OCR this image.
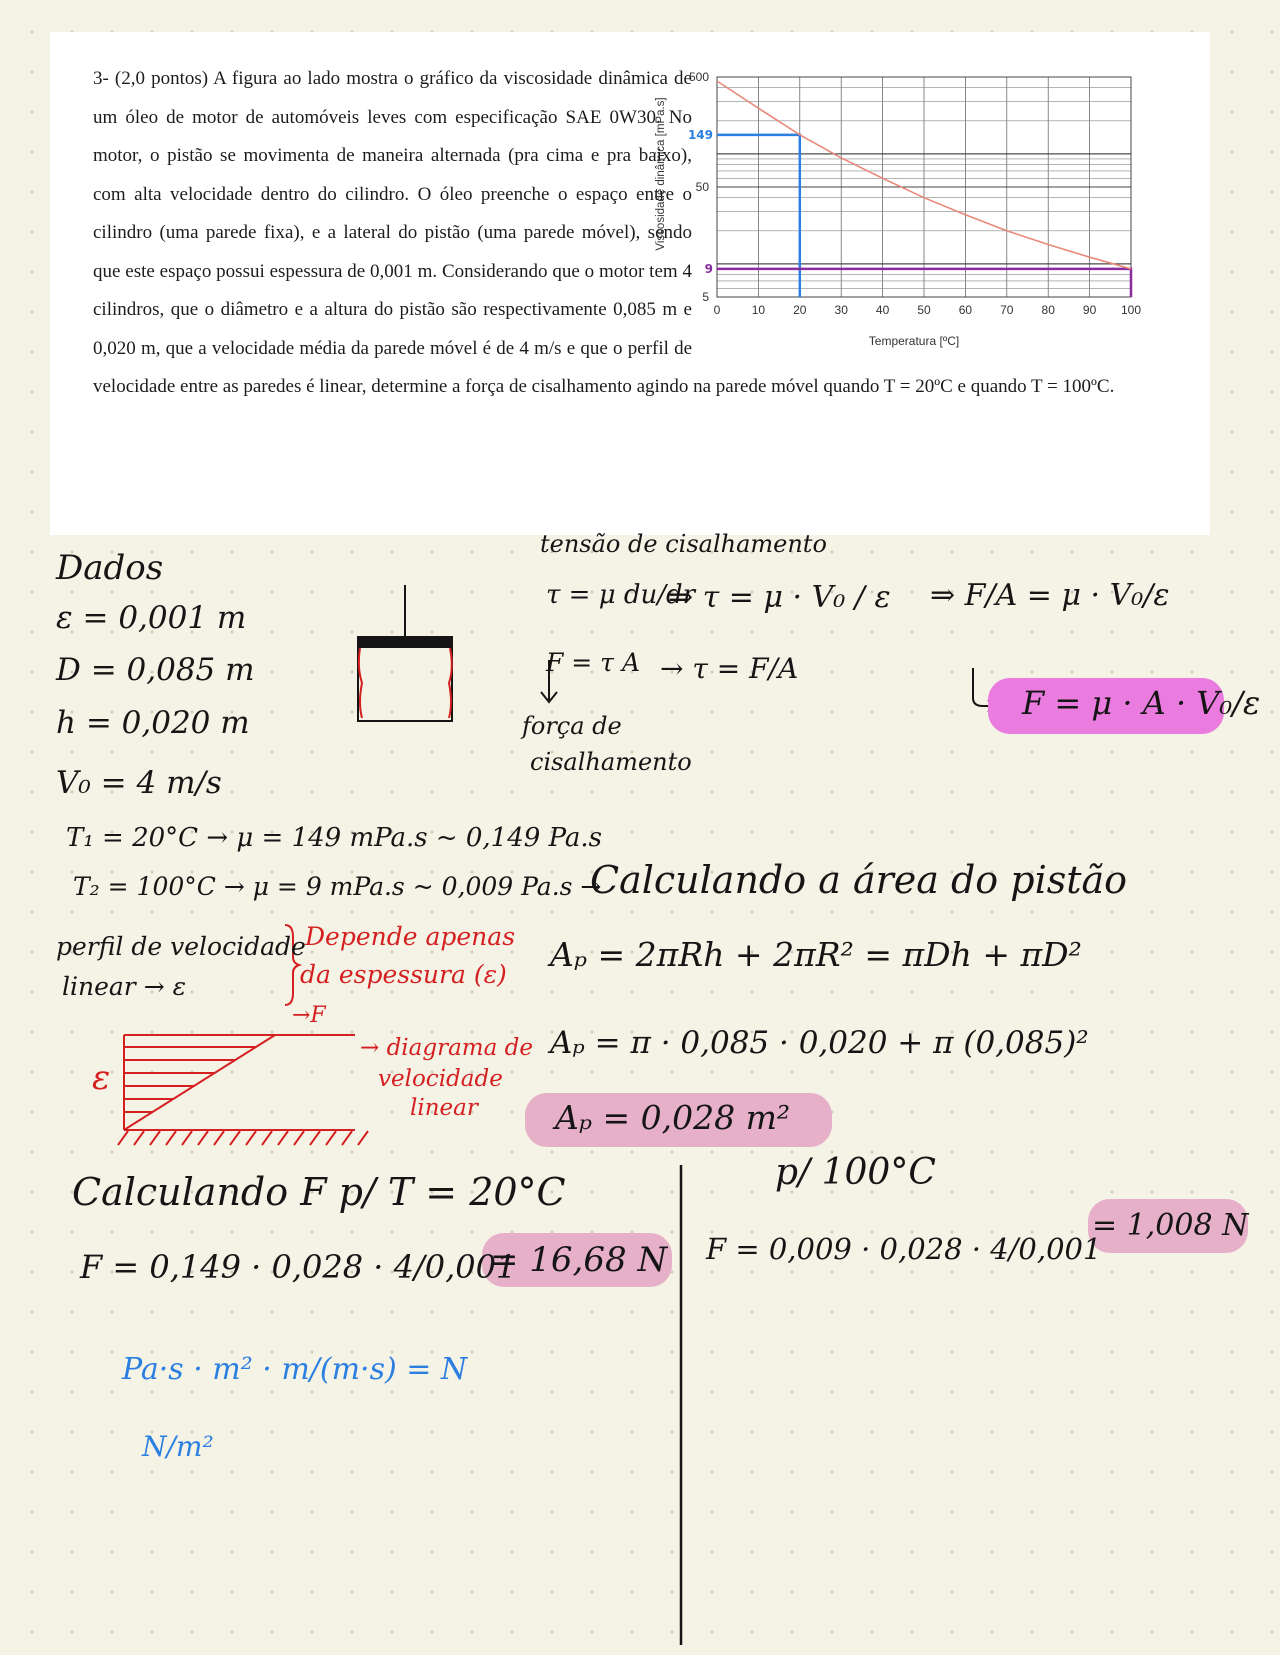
3- (2,0 pontos) A figura ao lado mostra o gráfico da viscosidade dinâmica de um óleo de motor de automóveis leves com especificação SAE 0W30. No motor, o pistão se movimenta de maneira alternada (pra cima e pra baixo), com alta velocidade dentro do cilindro. O óleo preenche o espaço entre o cilindro (uma parede fixa), e a lateral do pistão (uma parede móvel), sendo que este espaço possui espessura de 0,001 m. Considerando que o motor tem 4 cilindros, que o diâmetro e a altura do pistão são respectivamente 0,085 m e 0,020 m, que a velocidade média da parede móvel é de 4 m/s e que o perfil de velocidade entre as paredes é linear, determine a força de cisalhamento agindo na parede móvel quando T = 20ºC e quando T = 100ºC.

149
9
0	10 20 30 40 50 60 70 80 90 100
5
50
500
Temperatura [ºC]
Viscosidade dinâmica [mPa.s]
Dados
ε = 0,001 m
D = 0,085 m
h = 0,020 m
V₀ = 4 m/s
T₁ = 20°C → μ = 149 mPa.s ~ 0,149 Pa.s
T₂ = 100°C → μ = 9 mPa.s ~ 0,009 Pa.s →
Calculando a área do pistão
tensão de cisalhamento
τ = μ du/dr
⇒ τ = μ · V₀ / ε ⇒ F/A = μ · V₀/ε
F = τ A → τ = F/A
força de
cisalhamento
F = μ · A · V₀/ε
perfil de velocidade
linear → ε
Depende apenas
da espessura (ε)
Aₚ = 2πRh + 2πR² = πDh + πD²
Aₚ = π · 0,085 · 0,020 + π (0,085)²
Aₚ = 0,028 m²
ε
→F
→ diagrama de
velocidade
linear
Calculando F p/ T = 20°C
F = 0,149 · 0,028 · 4/0,001
= 16,68 N
p/ 100°C
F = 0,009 · 0,028 · 4/0,001
= 1,008 N
Pa·s · m² · m/(m·s) = N
N/m²
